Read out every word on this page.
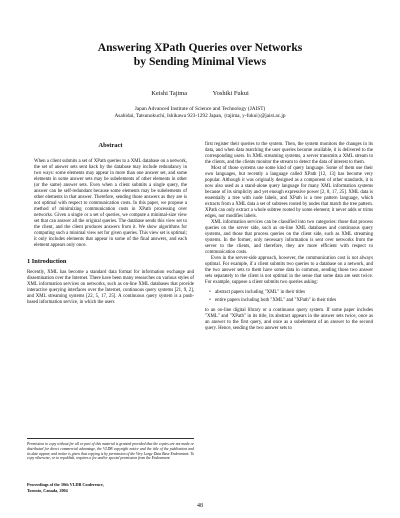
Answering XPath Queries over Networks
by Sending Minimal Views
Keishi Tajima	Yoshiki Fukui
Japan Advanced Institute of Science and Technology (JAIST)
Asahidai, Tatsunokuchi, Ishikawa 923-1292 Japan, {tajima, y-fukui}@jaist.ac.jp
Abstract

When a client submits a set of XPath queries to a XML database on a network, the set of answer sets sent back by the database may include redundancy in two ways: some elements may appear in more than one answer set, and some elements in some answer sets may be subelements of other elements in other (or the same) answer sets. Even when a client submits a single query, the answer can be self-redundant because some elements may be subelements of other elements in that answer. Therefore, sending those answers as they are is not optimal with respect to communication costs. In this paper, we propose a method of minimizing communication costs in XPath processing over networks. Given a single or a set of queries, we compute a minimal-size view set that can answer all the original queries. The database sends this view set to the client, and the client produces answers from it. We show algorithms for computing such a minimal view set for given queries. This view set is optimal; it only includes elements that appear in some of the final answers, and each element appears only once.

1 Introduction

Recently, XML has become a standard data format for information exchange and dissemination over the Internet. There have been many researches on various styles of XML information services on networks, such as on-line XML databases that provide interactive querying interfaces over the Internet, continuous query systems [21, 9, 2], and XML streaming systems [22, 5, 17, 25]. A continuous query system is a push-based information service, in which the users

Permission to copy without fee all or part of this material is granted provided that the copies are not made or distributed for direct commercial advantage, the VLDB copyright notice and the title of the publication and its date appear, and notice is given that copying is by permission of the Very Large Data Base Endowment. To copy otherwise, or to republish, requires a fee and/or special permission from the Endowment.
Proceedings of the 30th VLDB Conference,
Toronto, Canada, 2004

first register their queries to the system. Then, the system monitors the changes in its data, and when data matching the user queries become available, it is delivered to the corresponding users. In XML streaming systems, a server transmits a XML stream to the clients, and the clients monitor the stream to detect the data of interest to them.

Most of those systems use some kind of query language. Some of them use their own languages, but recently a language called XPath [12, 13] has become very popular. Although it was originally designed as a component of other standards, it is now also used as a stand-alone query language for many XML information systems because of its simplicity and yet enough expressive power [2, 8, 17, 25]. XML data is essentially a tree with node labels, and XPath is a tree pattern language, which extracts from a XML data a set of subtrees rooted by nodes that match the tree pattern. XPath can only extract a whole subtree rooted by some element; it never adds or trims edges, nor modifies labels.

XML information services can be classified into two categories: those that process queries on the server side, such as on-line XML databases and continuous query systems, and those that process queries on the client side, such as XML streaming systems. In the former, only necessary information is sent over networks from the server to the clients, and therefore, they are more efficient with respect to communication costs.

Even in the server-side approach, however, the communication cost is not always optimal. For example, if a client submits two queries to a database on a network, and the two answer sets to them have some data in common, sending those two answer sets separately to the client is not optimal in the sense that some data are sent twice. For example, suppose a client submits two queries asking:

• abstract papers including "XML" in their titles
• entire papers including both "XML" and "XPath" in their titles

to an on-line digital library or a continuous query system. If some paper includes "XML" and "XPath" in its title, its abstract appears in the answer sets twice, once as an answer to the first query, and once as a subelement of an answer to the second query. Hence, sending the two answer sets to

48
